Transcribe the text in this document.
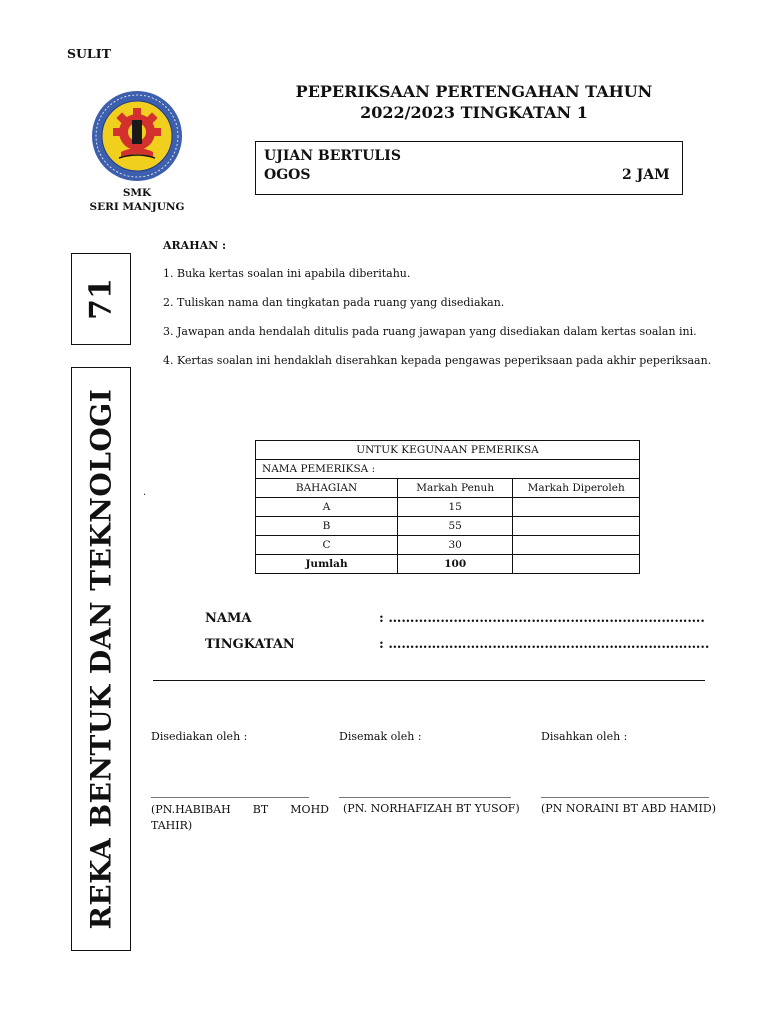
SULIT
PEPERIKSAAN PERTENGAHAN TAHUN
2022/2023 TINGKATAN 1
SMK
SERI MANJUNG
UJIAN BERTULIS
OGOS	2 JAM
71
REKA BENTUK DAN TEKNOLOGI
ARAHAN :
1. Buka kertas soalan ini apabila diberitahu.
2. Tuliskan nama dan tingkatan pada ruang yang disediakan.
3. Jawapan anda hendalah ditulis pada ruang jawapan yang disediakan dalam kertas soalan ini.
4. Kertas soalan ini hendaklah diserahkan kepada pengawas peperiksaan pada akhir peperiksaan.
.
UNTUK KEGUNAAN PEMERIKSA		
NAMA PEMERIKSA :		
BAHAGIAN	Markah Penuh	Markah Diperoleh
A	15	
B	55	
C	30	
Jumlah	100	
NAMA	: ……………………………………………………………….
TINGKATAN	: ………………………………………………………………..
Disediakan oleh :	Disemak oleh :	Disahkan oleh :
(PN.HABIBAH BT MOHD TAHIR)
(PN. NORHAFIZAH BT YUSOF) (PN NORAINI BT ABD HAMID)
